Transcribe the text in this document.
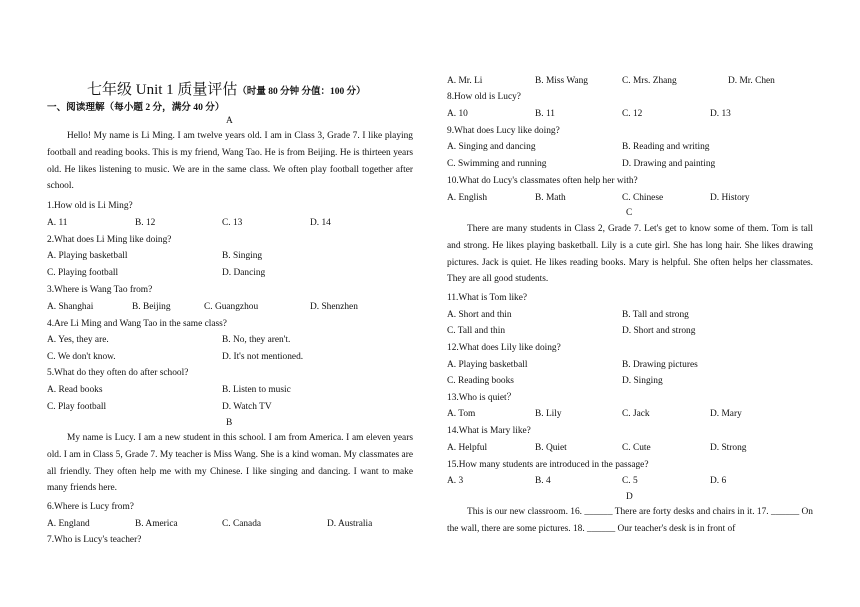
七年级 Unit 1 质量评估（时量 80 分钟 分值：100 分）
一、阅读理解（每小题 2 分，满分 40 分）
A
Hello! My name is Li Ming. I am twelve years old. I am in Class 3, Grade 7. I like playing football and reading books. This is my friend, Wang Tao. He is from Beijing. He is thirteen years old. He likes listening to music. We are in the same class. We often play football together after school.
1.How old is Li Ming?
A. 11	B. 12	C. 13	D. 14
2.What does Li Ming like doing?
A. Playing basketball	B. Singing
C. Playing football	D. Dancing
3.Where is Wang Tao from?
A. Shanghai	B. Beijing	C. Guangzhou	D. Shenzhen
4.Are Li Ming and Wang Tao in the same class?
A. Yes, they are.	B. No, they aren't.
C. We don't know.	D. It's not mentioned.
5.What do they often do after school?
A. Read books	B. Listen to music
C. Play football	D. Watch TV
B
My name is Lucy. I am a new student in this school. I am from America. I am eleven years old. I am in Class 5, Grade 7. My teacher is Miss Wang. She is a kind woman. My classmates are all friendly. They often help me with my Chinese. I like singing and dancing. I want to make many friends here.
6.Where is Lucy from?
A. England	B. America	C. Canada	D. Australia
7.Who is Lucy's teacher?
A. Mr. Li	B. Miss Wang	C. Mrs. Zhang	D. Mr. Chen
8.How old is Lucy?
A. 10	B. 11	C. 12	D. 13
9.What does Lucy like doing?
A. Singing and dancing	B. Reading and writing
C. Swimming and running	D. Drawing and painting
10.What do Lucy's classmates often help her with?
A. English	B. Math	C. Chinese	D. History
C
There are many students in Class 2, Grade 7. Let's get to know some of them. Tom is tall and strong. He likes playing basketball. Lily is a cute girl. She has long hair. She likes drawing pictures. Jack is quiet. He likes reading books. Mary is helpful. She often helps her classmates. They are all good students.
11.What is Tom like?
A. Short and thin	B. Tall and strong
C. Tall and thin	D. Short and strong
12.What does Lily like doing?
A. Playing basketball	B. Drawing pictures
C. Reading books	D. Singing
13.Who is quiet？
A. Tom	B. Lily	C. Jack	D. Mary
14.What is Mary like?
A. Helpful	B. Quiet	C. Cute	D. Strong
15.How many students are introduced in the passage?
A. 3	B. 4	C. 5	D. 6
D
This is our new classroom. 16. ______ There are forty desks and chairs in it. 17. ______ On the wall, there are some pictures. 18. ______ Our teacher's desk is in front of
